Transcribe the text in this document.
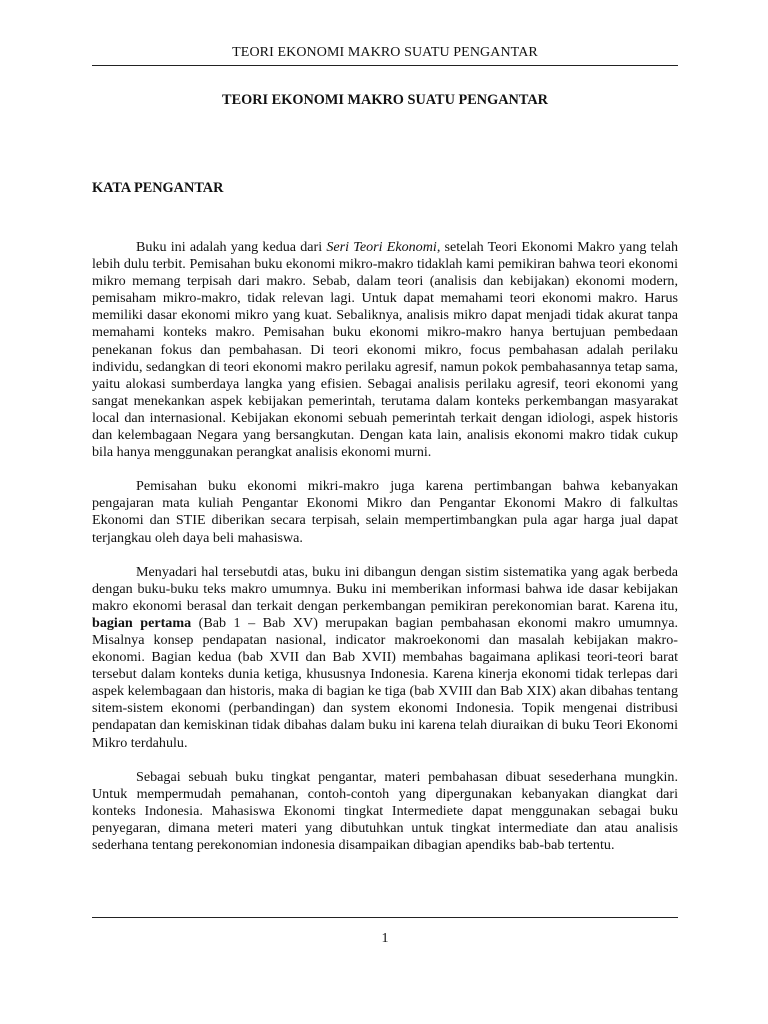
TEORI EKONOMI MAKRO SUATU PENGANTAR
TEORI EKONOMI MAKRO SUATU PENGANTAR
KATA PENGANTAR

Buku ini adalah yang kedua dari Seri Teori Ekonomi, setelah Teori Ekonomi Makro yang telah lebih dulu terbit. Pemisahan buku ekonomi mikro-makro tidaklah kami pemikiran bahwa teori ekonomi mikro memang terpisah dari makro. Sebab, dalam teori (analisis dan kebijakan) ekonomi modern, pemisaham mikro-makro, tidak relevan lagi. Untuk dapat memahami teori ekonomi makro. Harus memiliki dasar ekonomi mikro yang kuat. Sebaliknya, analisis mikro dapat menjadi tidak akurat tanpa memahami konteks makro. Pemisahan buku ekonomi mikro-makro hanya bertujuan pembedaan penekanan fokus dan pembahasan. Di teori ekonomi mikro, focus pembahasan adalah perilaku individu, sedangkan di teori ekonomi makro perilaku agresif, namun pokok pembahasannya tetap sama, yaitu alokasi sumberdaya langka yang efisien. Sebagai analisis perilaku agresif, teori ekonomi yang sangat menekankan aspek kebijakan pemerintah, terutama dalam konteks perkembangan masyarakat local dan internasional. Kebijakan ekonomi sebuah pemerintah terkait dengan idiologi, aspek historis dan kelembagaan Negara yang bersangkutan. Dengan kata lain, analisis ekonomi makro tidak cukup bila hanya menggunakan perangkat analisis ekonomi murni.

Pemisahan buku ekonomi mikri-makro juga karena pertimbangan bahwa kebanyakan pengajaran mata kuliah Pengantar Ekonomi Mikro dan Pengantar Ekonomi Makro di falkultas Ekonomi dan STIE diberikan secara terpisah, selain mempertimbangkan pula agar harga jual dapat terjangkau oleh daya beli mahasiswa.

Menyadari hal tersebutdi atas, buku ini dibangun dengan sistim sistematika yang agak berbeda dengan buku-buku teks makro umumnya. Buku ini memberikan informasi bahwa ide dasar kebijakan makro ekonomi berasal dan terkait dengan perkembangan pemikiran perekonomian barat. Karena itu, bagian pertama (Bab 1 – Bab XV) merupakan bagian pembahasan ekonomi makro umumnya. Misalnya konsep pendapatan nasional, indicator makroekonomi dan masalah kebijakan makro-ekonomi. Bagian kedua (bab XVII dan Bab XVII) membahas bagaimana aplikasi teori-teori barat tersebut dalam konteks dunia ketiga, khususnya Indonesia. Karena kinerja ekonomi tidak terlepas dari aspek kelembagaan dan historis, maka di bagian ke tiga (bab XVIII dan Bab XIX) akan dibahas tentang sitem-sistem ekonomi (perbandingan) dan system ekonomi Indonesia. Topik mengenai distribusi pendapatan dan kemiskinan tidak dibahas dalam buku ini karena telah diuraikan di buku Teori Ekonomi Mikro terdahulu.

Sebagai sebuah buku tingkat pengantar, materi pembahasan dibuat sesederhana mungkin. Untuk mempermudah pemahanan, contoh-contoh yang dipergunakan kebanyakan diangkat dari konteks Indonesia. Mahasiswa Ekonomi tingkat Intermediete dapat menggunakan sebagai buku penyegaran, dimana meteri materi yang dibutuhkan untuk tingkat intermediate dan atau analisis sederhana tentang perekonomian indonesia disampaikan dibagian apendiks bab-bab tertentu.

1
